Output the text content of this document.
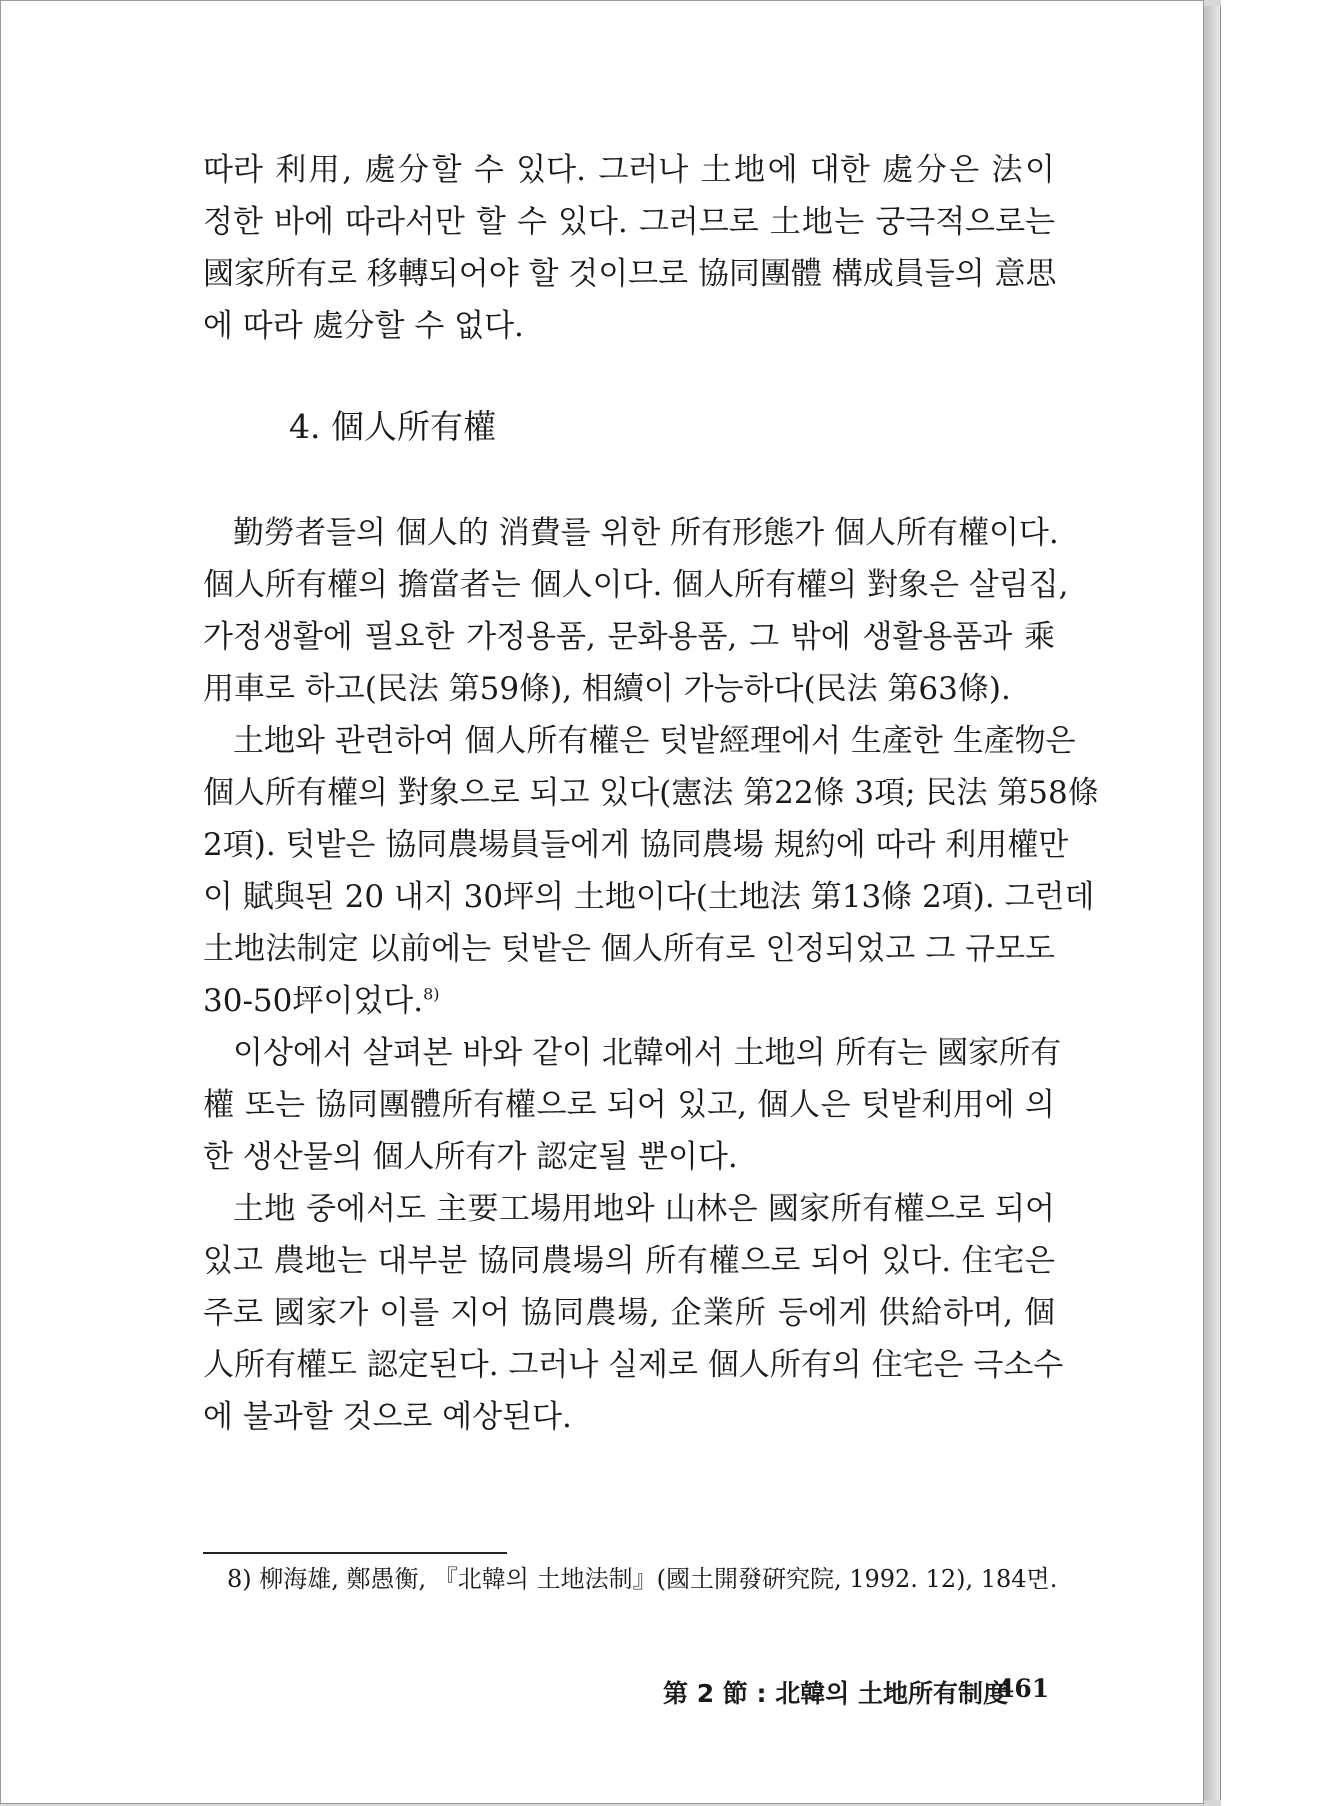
따라 利用, 處分할 수 있다. 그러나 土地에 대한 處分은 法이
정한 바에 따라서만 할 수 있다. 그러므로 土地는 궁극적으로는
國家所有로 移轉되어야 할 것이므로 協同團體 構成員들의 意思
에 따라 處分할 수 없다.
4. 個人所有權
勤勞者들의 個人的 消費를 위한 所有形態가 個人所有權이다.
個人所有權의 擔當者는 個人이다. 個人所有權의 對象은 살림집,
가정생활에 필요한 가정용품, 문화용품, 그 밖에 생활용품과 乘
用車로 하고(民法 第59條), 相續이 가능하다(民法 第63條).
土地와 관련하여 個人所有權은 텃밭經理에서 生產한 生產物은
個人所有權의 對象으로 되고 있다(憲法 第22條 3項; 民法 第58條
2項). 텃밭은 協同農場員들에게 協同農場 規約에 따라 利用權만
이 賦與된 20 내지 30坪의 土地이다(土地法 第13條 2項). 그런데
土地法制定 以前에는 텃밭은 個人所有로 인정되었고 그 규모도
30-50坪이었다.$^{8)}$
이상에서 살펴본 바와 같이 北韓에서 土地의 所有는 國家所有
權 또는 協同團體所有權으로 되어 있고, 個人은 텃밭利用에 의
한 생산물의 個人所有가 認定될 뿐이다.
土地 중에서도 主要工場用地와 山林은 國家所有權으로 되어
있고 農地는 대부분 協同農場의 所有權으로 되어 있다. 住宅은
주로 國家가 이를 지어 協同農場, 企業所 등에게 供給하며, 個
人所有權도 認定된다. 그러나 실제로 個人所有의 住宅은 극소수
에 불과할 것으로 예상된다.
8) 柳海雄, 鄭愚衡, 『北韓의 土地法制』(國土開發硏究院, 1992. 12), 184면.
第 2 節 : 北韓의 土地所有制度
461
